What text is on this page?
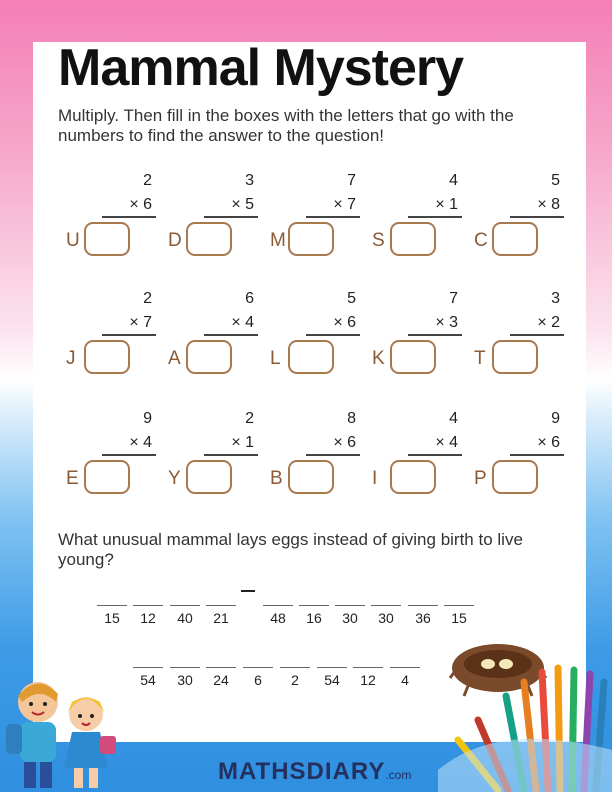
Mammal Mystery

Multiply. Then fill in the boxes with the letters that go with the numbers to find the answer to the question!

2
× 6
U
3
× 5
D
7
× 7
M
4
× 1
S
5
× 8
C
2
× 7
J
6
× 4
A
5
× 6
L
7
× 3
K
3
× 2
T
9
× 4
E
2
× 1
Y
8
× 6
B
4
× 4
I
9
× 6
P

What unusual mammal lays eggs instead of giving birth to live young?

15	12	40	21	48	16	30	30	36	15
54	30	24	6	2	54	12	4
MATHSDIARY.com
